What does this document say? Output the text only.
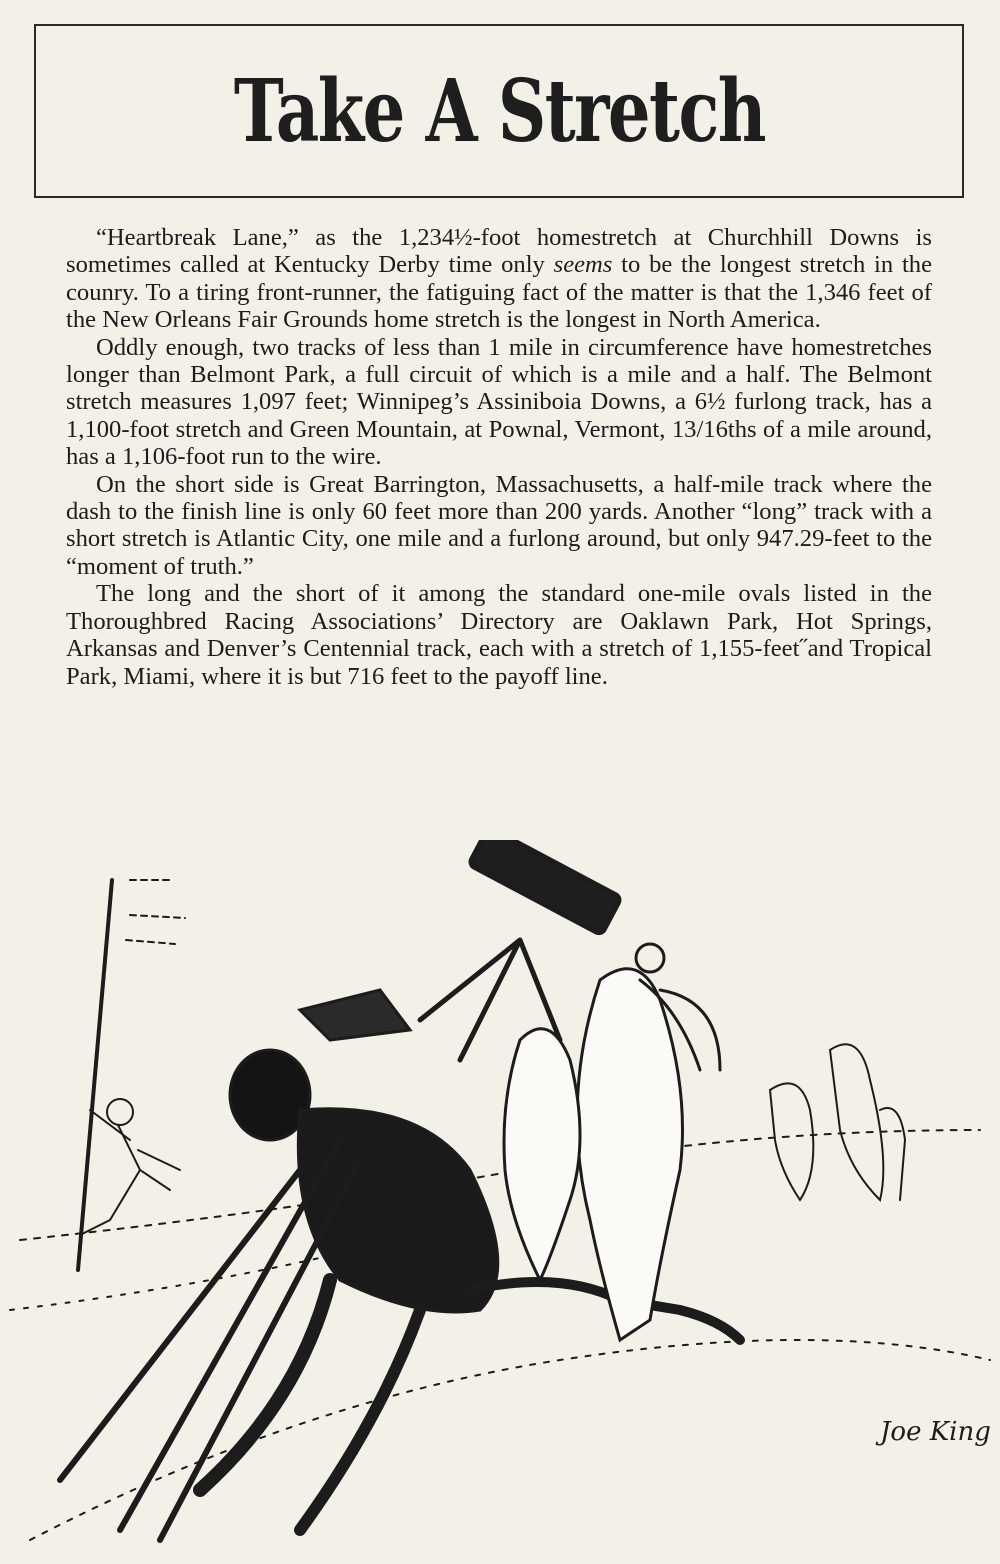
Take A Stretch

“Heartbreak Lane,” as the 1,234½-foot homestretch at Churchhill Downs is sometimes called at Kentucky Derby time only seems to be the longest stretch in the counry. To a tiring front-runner, the fatiguing fact of the matter is that the 1,346 feet of the New Orleans Fair Grounds home stretch is the longest in North America.

Oddly enough, two tracks of less than 1 mile in circumference have homestretches longer than Belmont Park, a full circuit of which is a mile and a half. The Belmont stretch measures 1,097 feet; Winnipeg’s Assiniboia Downs, a 6½ furlong track, has a 1,100-foot stretch and Green Mountain, at Pownal, Vermont, 13/16ths of a mile around, has a 1,106-foot run to the wire.

On the short side is Great Barrington, Massachusetts, a half-mile track where the dash to the finish line is only 60 feet more than 200 yards. Another “long” track with a short stretch is Atlantic City, one mile and a furlong around, but only 947.29-feet to the “moment of truth.”

The long and the short of it among the standard one-mile ovals listed in the Thoroughbred Racing Associations’ Directory are Oaklawn Park, Hot Springs, Arkansas and Denver’s Centennial track, each with a stretch of 1,155-feet˝and Tropical Park, Miami, where it is but 716 feet to the payoff line.

Joe King
